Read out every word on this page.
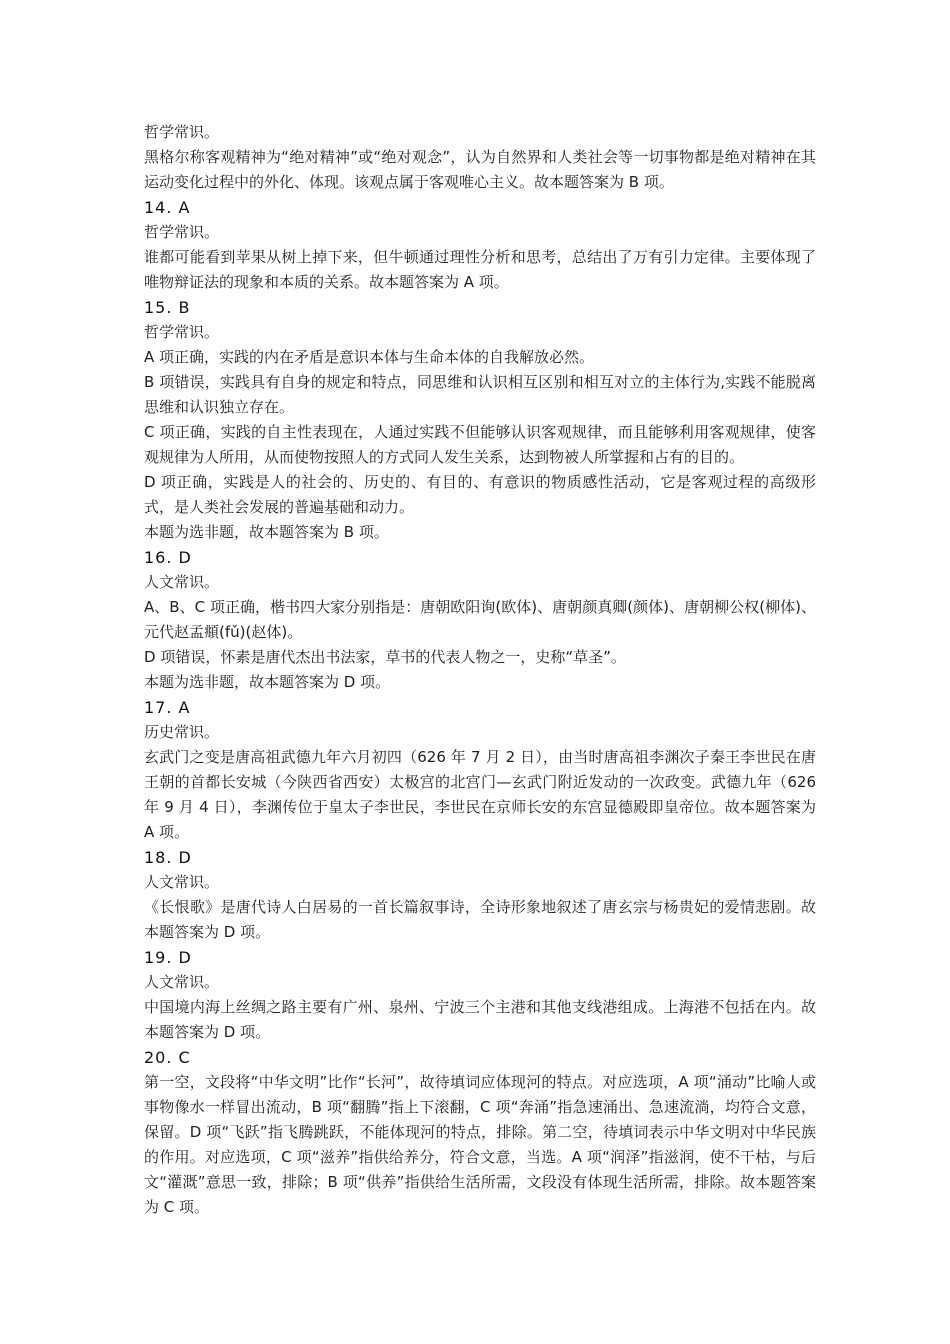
哲学常识。
黑格尔称客观精神为“绝对精神”或“绝对观念”，认为自然界和人类社会等一切事物都是绝对精神在其运动变化过程中的外化、体现。该观点属于客观唯心主义。故本题答案为 B 项。
14. A
哲学常识。
谁都可能看到苹果从树上掉下来，但牛顿通过理性分析和思考，总结出了万有引力定律。主要体现了唯物辩证法的现象和本质的关系。故本题答案为 A 项。
15. B
哲学常识。
A 项正确，实践的内在矛盾是意识本体与生命本体的自我解放必然。
B 项错误，实践具有自身的规定和特点，同思维和认识相互区别和相互对立的主体行为,实践不能脱离思维和认识独立存在。
C 项正确，实践的自主性表现在，人通过实践不但能够认识客观规律，而且能够利用客观规律，使客观规律为人所用，从而使物按照人的方式同人发生关系，达到物被人所掌握和占有的目的。
D 项正确，实践是人的社会的、历史的、有目的、有意识的物质感性活动，它是客观过程的高级形式，是人类社会发展的普遍基础和动力。
本题为选非题，故本题答案为 B 项。
16. D
人文常识。
A、B、C 项正确，楷书四大家分别指是：唐朝欧阳询(欧体)、唐朝颜真卿(颜体)、唐朝柳公权(柳体)、元代赵孟頫(fǔ)(赵体)。
D 项错误，怀素是唐代杰出书法家，草书的代表人物之一，史称“草圣”。
本题为选非题，故本题答案为 D 项。
17. A
历史常识。
玄武门之变是唐高祖武德九年六月初四（626 年 7 月 2 日），由当时唐高祖李渊次子秦王李世民在唐王朝的首都长安城（今陕西省西安）太极宫的北宫门—玄武门附近发动的一次政变。武德九年（626 年 9 月 4 日），李渊传位于皇太子李世民，李世民在京师长安的东宫显德殿即皇帝位。故本题答案为 A 项。
18. D
人文常识。
《长恨歌》是唐代诗人白居易的一首长篇叙事诗，全诗形象地叙述了唐玄宗与杨贵妃的爱情悲剧。故本题答案为 D 项。
19. D
人文常识。
中国境内海上丝绸之路主要有广州、泉州、宁波三个主港和其他支线港组成。上海港不包括在内。故本题答案为 D 项。
20. C
第一空，文段将“中华文明”比作“长河”，故待填词应体现河的特点。对应选项，A 项“涌动”比喻人或事物像水一样冒出流动，B 项“翻腾”指上下滚翻，C 项“奔涌”指急速涌出、急速流淌，均符合文意，保留。D 项“飞跃”指飞腾跳跃，不能体现河的特点，排除。第二空，待填词表示中华文明对中华民族的作用。对应选项，C 项“滋养”指供给养分，符合文意，当选。A 项“润泽”指滋润，使不干枯，与后文“灌溉”意思一致，排除；B 项“供养”指供给生活所需，文段没有体现生活所需，排除。故本题答案为 C 项。
